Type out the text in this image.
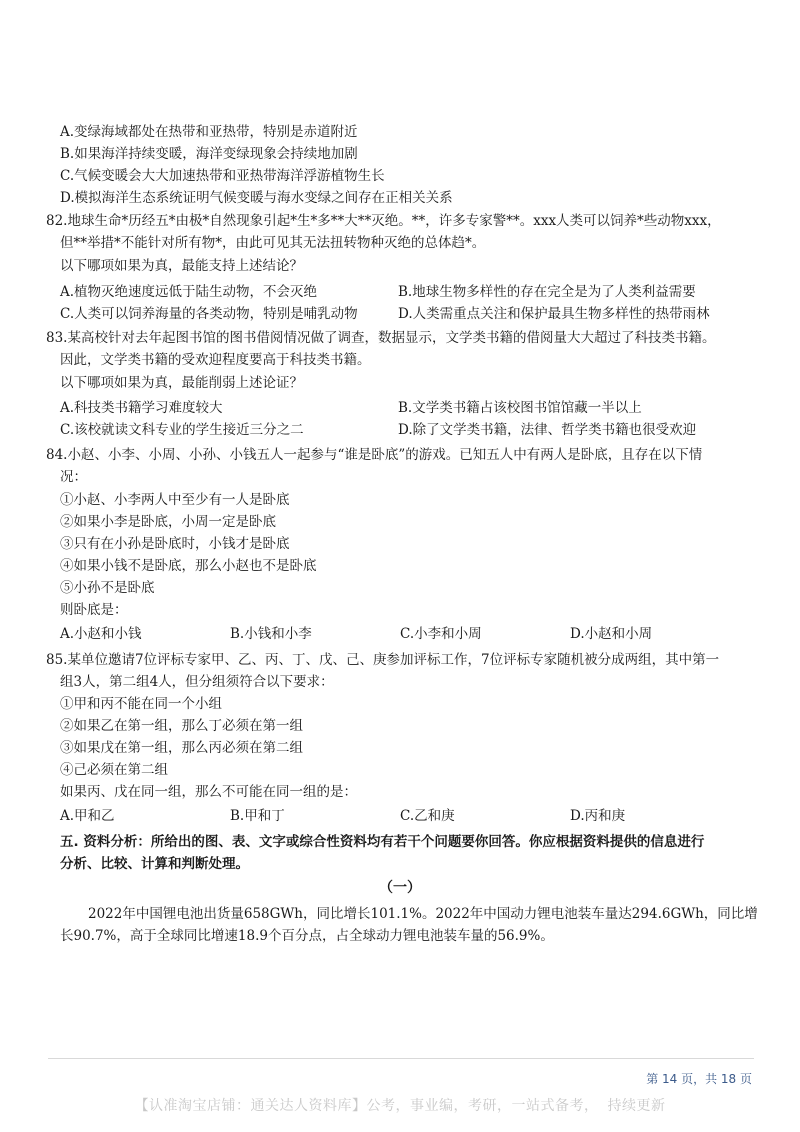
A.变绿海域都处在热带和亚热带，特别是赤道附近
B.如果海洋持续变暖，海洋变绿现象会持续地加剧
C.气候变暖会大大加速热带和亚热带海洋浮游植物生长
D.模拟海洋生态系统证明气候变暖与海水变绿之间存在正相关关系
82.地球生命*历经五*由极*自然现象引起*生*多**大**灭绝。**，许多专家警**。xxx人类可以饲养*些动物xxx，
但**举措*不能针对所有物*，由此可见其无法扭转物种灭绝的总体趋*。
以下哪项如果为真，最能支持上述结论？
A.植物灭绝速度远低于陆生动物，不会灭绝	B.地球生物多样性的存在完全是为了人类利益需要
C.人类可以饲养海量的各类动物，特别是哺乳动物	D.人类需重点关注和保护最具生物多样性的热带雨林
83.某高校针对去年起图书馆的图书借阅情况做了调查，数据显示，文学类书籍的借阅量大大超过了科技类书籍。
因此，文学类书籍的受欢迎程度要高于科技类书籍。
以下哪项如果为真，最能削弱上述论证？
A.科技类书籍学习难度较大	B.文学类书籍占该校图书馆馆藏一半以上
C.该校就读文科专业的学生接近三分之二	D.除了文学类书籍，法律、哲学类书籍也很受欢迎
84.小赵、小李、小周、小孙、小钱五人一起参与“谁是卧底”的游戏。已知五人中有两人是卧底，且存在以下情
况：
①小赵、小李两人中至少有一人是卧底
②如果小李是卧底，小周一定是卧底
③只有在小孙是卧底时，小钱才是卧底
④如果小钱不是卧底，那么小赵也不是卧底
⑤小孙不是卧底
则卧底是：
A.小赵和小钱	B.小钱和小李	C.小李和小周	D.小赵和小周
85.某单位邀请7位评标专家甲、乙、丙、丁、戊、己、庚参加评标工作，7位评标专家随机被分成两组，其中第一
组3人，第二组4人，但分组须符合以下要求：
①甲和丙不能在同一个小组
②如果乙在第一组，那么丁必须在第一组
③如果戊在第一组，那么丙必须在第二组
④己必须在第二组
如果丙、戊在同一组，那么不可能在同一组的是：
A.甲和乙	B.甲和丁	C.乙和庚	D.丙和庚
五. 资料分析：所给出的图、表、文字或综合性资料均有若干个问题要你回答。你应根据资料提供的信息进行
分析、比较、计算和判断处理。
（一）
2022年中国锂电池出货量658GWh，同比增长101.1%。2022年中国动力锂电池装车量达294.6GWh，同比增
长90.7%，高于全球同比增速18.9个百分点，占全球动力锂电池装车量的56.9%。
第 14 页，共 18 页
【认准淘宝店铺：通关达人资料库】公考，事业编，考研，一站式备考， 持续更新
